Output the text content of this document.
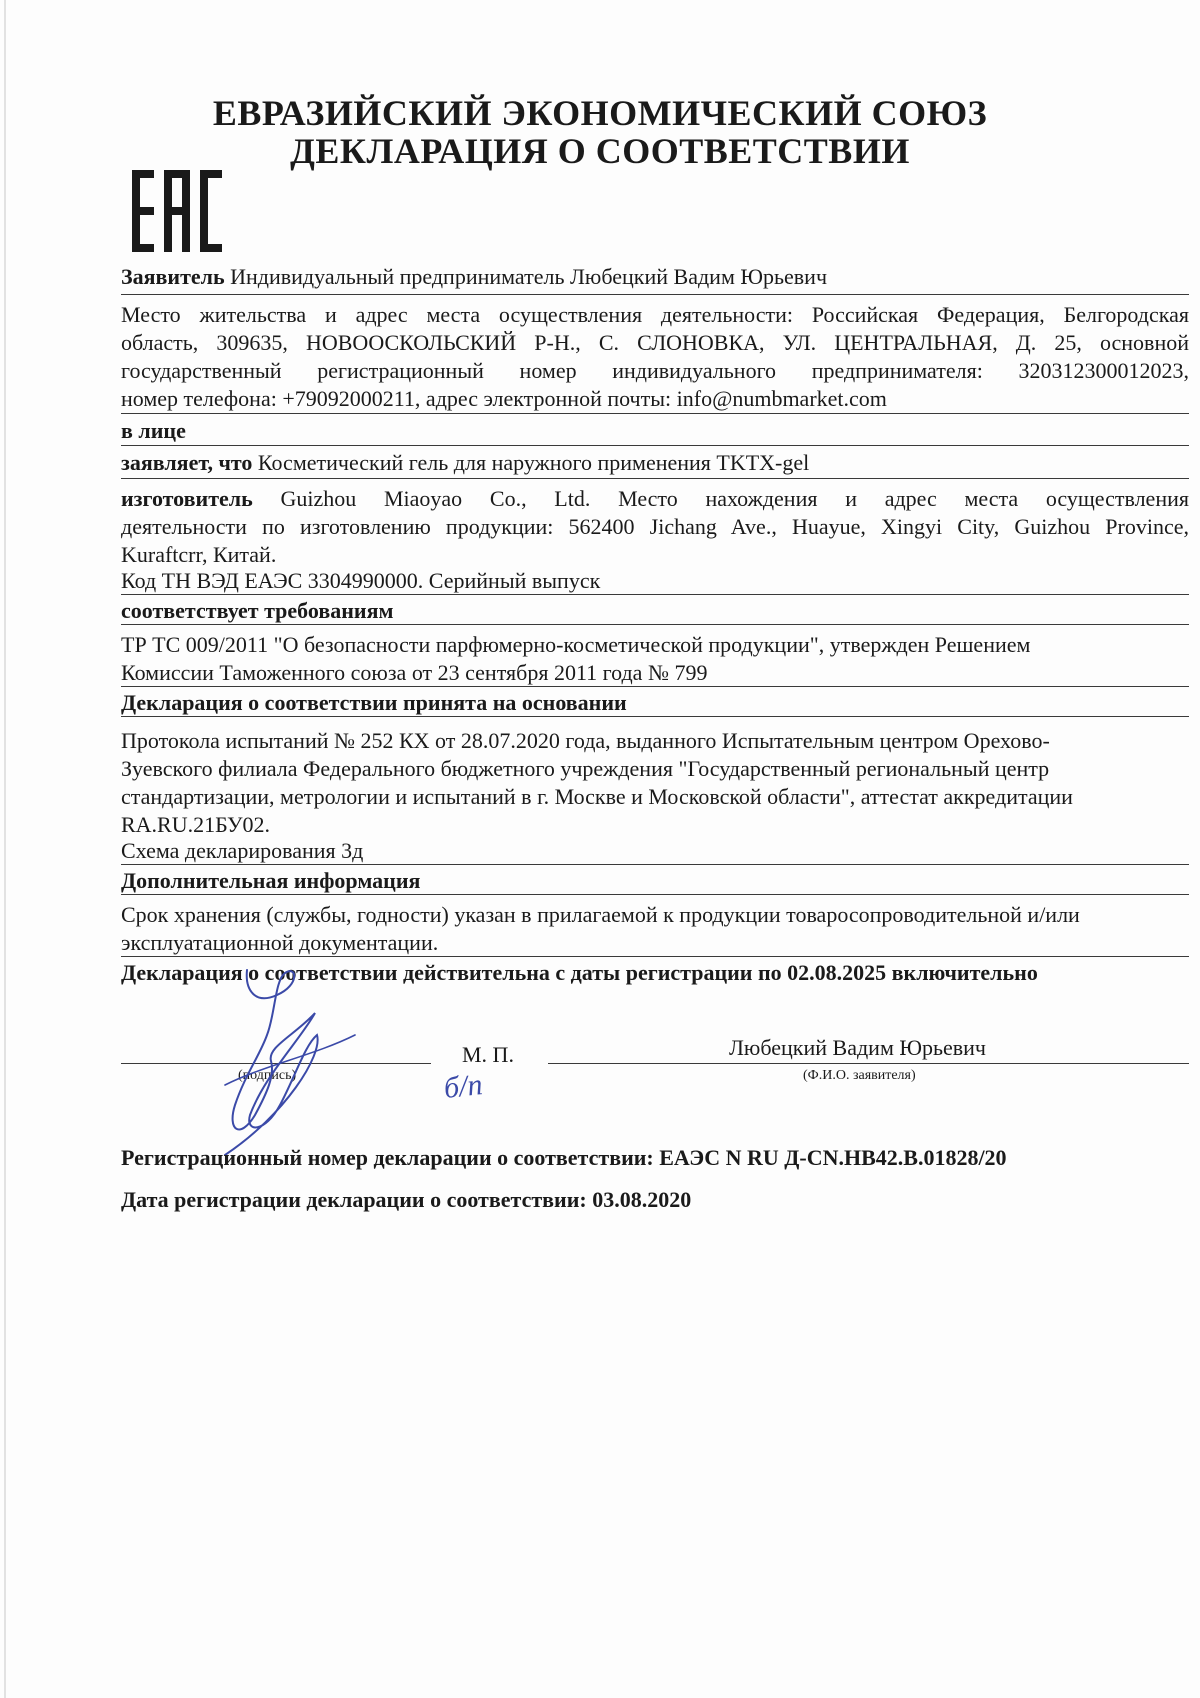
ЕВРАЗИЙСКИЙ ЭКОНОМИЧЕСКИЙ СОЮЗ
ДЕКЛАРАЦИЯ О СООТВЕТСТВИИ
Заявитель Индивидуальный предприниматель Любецкий Вадим Юрьевич
Место жительства и адрес места осуществления деятельности: Российская Федерация, Белгородская
область, 309635, НОВООСКОЛЬСКИЙ Р-Н., С. СЛОНОВКА, УЛ. ЦЕНТРАЛЬНАЯ, Д. 25, основной
государственный регистрационный номер индивидуального предпринимателя: 320312300012023,
номер телефона: +79092000211, адрес электронной почты: info@numbmarket.com
в лице
заявляет, что Косметический гель для наружного применения TKTX-gel
изготовитель Guizhou Miaoyao Co., Ltd. Место нахождения и адрес места осуществления
деятельности по изготовлению продукции: 562400 Jichang Ave., Huayue, Xingyi City, Guizhou Province,
Kuraftcrr, Китай.
Код ТН ВЭД ЕАЭС 3304990000. Серийный выпуск
соответствует требованиям
ТР ТС 009/2011 "О безопасности парфюмерно-косметической продукции", утвержден Решением
Комиссии Таможенного союза от 23 сентября 2011 года № 799
Декларация о соответствии принята на основании
Протокола испытаний № 252 КХ от 28.07.2020 года, выданного Испытательным центром Орехово-
Зуевского филиала Федерального бюджетного учреждения "Государственный региональный центр
стандартизации, метрологии и испытаний в г. Москве и Московской области", аттестат аккредитации
RA.RU.21БУ02.
Схема декларирования 3д
Дополнительная информация
Срок хранения (службы, годности) указан в прилагаемой к продукции товаросопроводительной и/или
эксплуатационной документации.
Декларация о соответствии действительна с даты регистрации по 02.08.2025 включительно
(подпись)
М. П.
б/п
Любецкий Вадим Юрьевич
(Ф.И.О. заявителя)
Регистрационный номер декларации о соответствии: ЕАЭС N RU Д-CN.НВ42.В.01828/20
Дата регистрации декларации о соответствии: 03.08.2020
